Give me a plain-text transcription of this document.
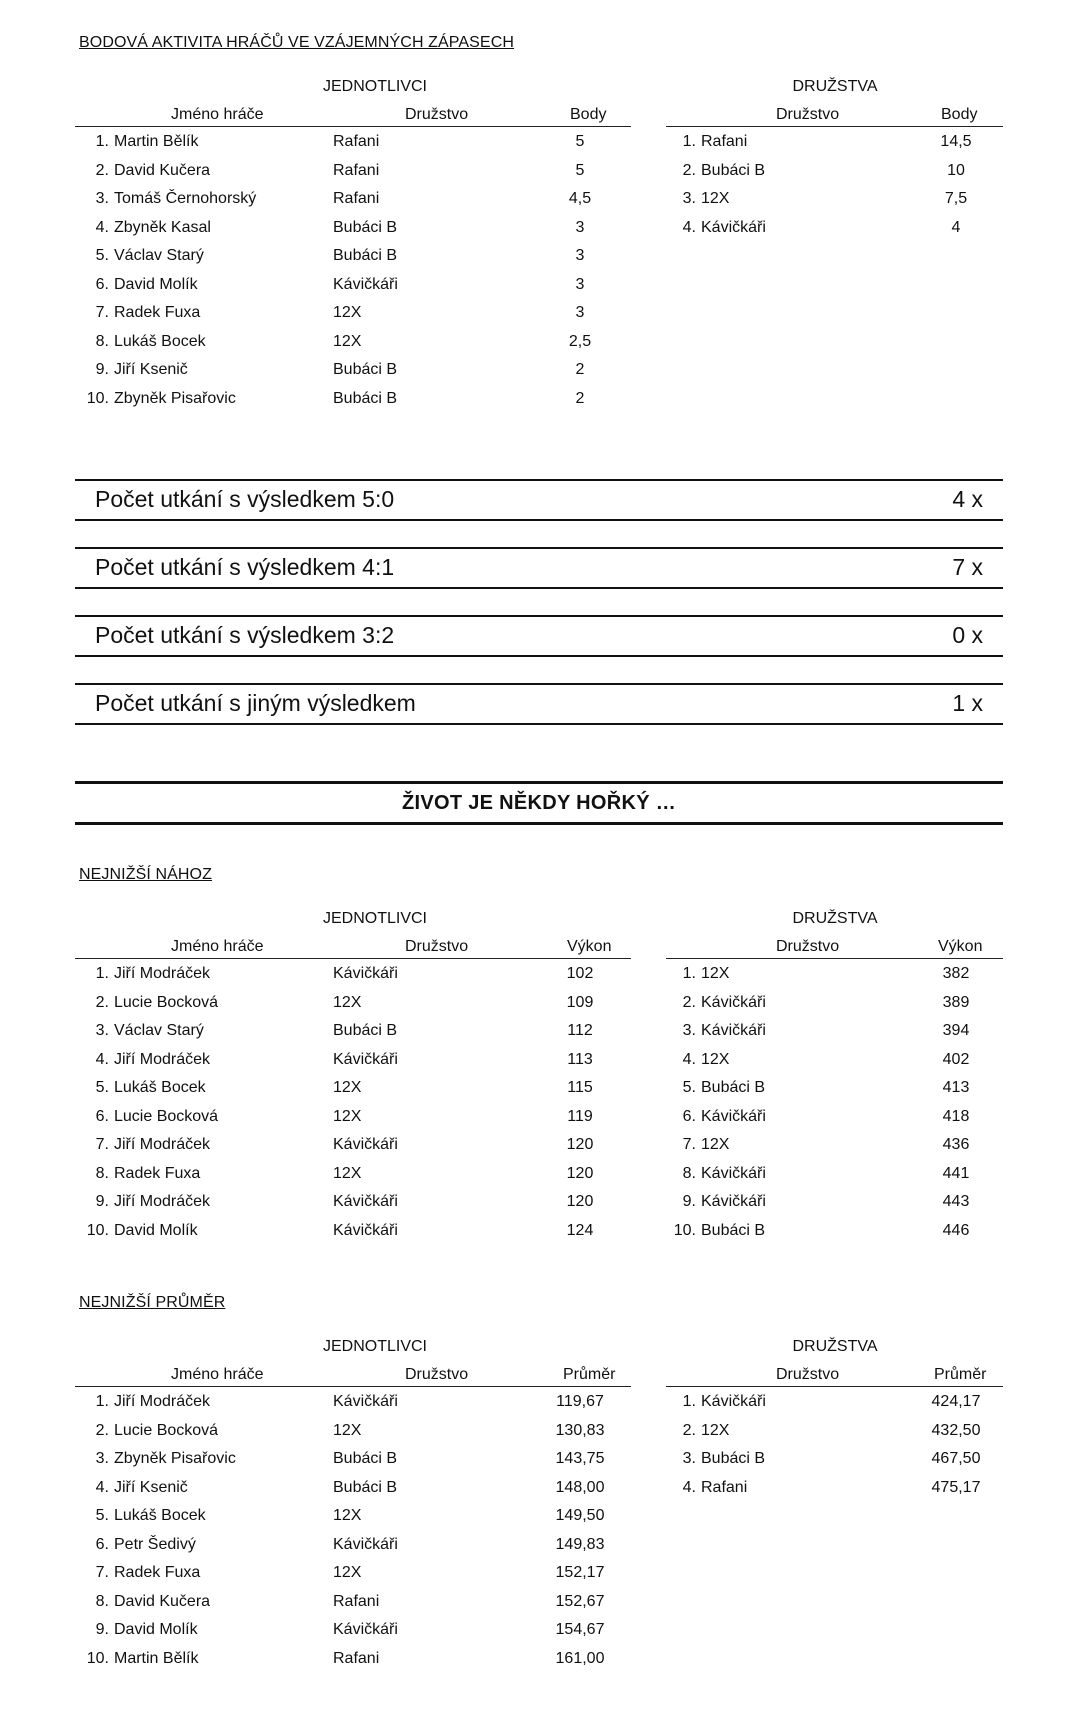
BODOVÁ AKTIVITA HRÁČŮ VE VZÁJEMNÝCH ZÁPASECH
JEDNOTLIVCI	DRUŽSTVA
Jméno hráče	Družstvo	Body
1. Martin Bělík	Rafani	5
2. David Kučera	Rafani	5
3. Tomáš Černohorský	Rafani	4,5
4. Zbyněk Kasal	Bubáci B	3
5. Václav Starý	Bubáci B	3
6. David Molík	Kávičkáři	3
7. Radek Fuxa	12X	3
8. Lukáš Bocek	12X	2,5
9. Jiří Ksenič	Bubáci B	2
10. Zbyněk Pisařovic	Bubáci B	2
Družstvo	Body
1. Rafani	14,5
2. Bubáci B	10
3. 12X	7,5
4. Kávičkáři	4
Počet utkání s výsledkem 5:0	4 x
Počet utkání s výsledkem 4:1	7 x
Počet utkání s výsledkem 3:2	0 x
Počet utkání s jiným výsledkem	1 x
ŽIVOT JE NĚKDY HOŘKÝ …
NEJNIŽŠÍ NÁHOZ
JEDNOTLIVCI	DRUŽSTVA
Jméno hráče	Družstvo	Výkon
1. Jiří Modráček	Kávičkáři	102
2. Lucie Bocková	12X	109
3. Václav Starý	Bubáci B	112
4. Jiří Modráček	Kávičkáři	113
5. Lukáš Bocek	12X	115
6. Lucie Bocková	12X	119
7. Jiří Modráček	Kávičkáři	120
8. Radek Fuxa	12X	120
9. Jiří Modráček	Kávičkáři	120
10. David Molík	Kávičkáři	124
Družstvo	Výkon
1. 12X	382
2. Kávičkáři	389
3. Kávičkáři	394
4. 12X	402
5. Bubáci B	413
6. Kávičkáři	418
7. 12X	436
8. Kávičkáři	441
9. Kávičkáři	443
10. Bubáci B	446
NEJNIŽŠÍ PRŮMĚR
JEDNOTLIVCI	DRUŽSTVA
Jméno hráče	Družstvo	Průměr
1. Jiří Modráček	Kávičkáři	119,67
2. Lucie Bocková	12X	130,83
3. Zbyněk Pisařovic	Bubáci B	143,75
4. Jiří Ksenič	Bubáci B	148,00
5. Lukáš Bocek	12X	149,50
6. Petr Šedivý	Kávičkáři	149,83
7. Radek Fuxa	12X	152,17
8. David Kučera	Rafani	152,67
9. David Molík	Kávičkáři	154,67
10. Martin Bělík	Rafani	161,00
Družstvo	Průměr
1. Kávičkáři	424,17
2. 12X	432,50
3. Bubáci B	467,50
4. Rafani	475,17
